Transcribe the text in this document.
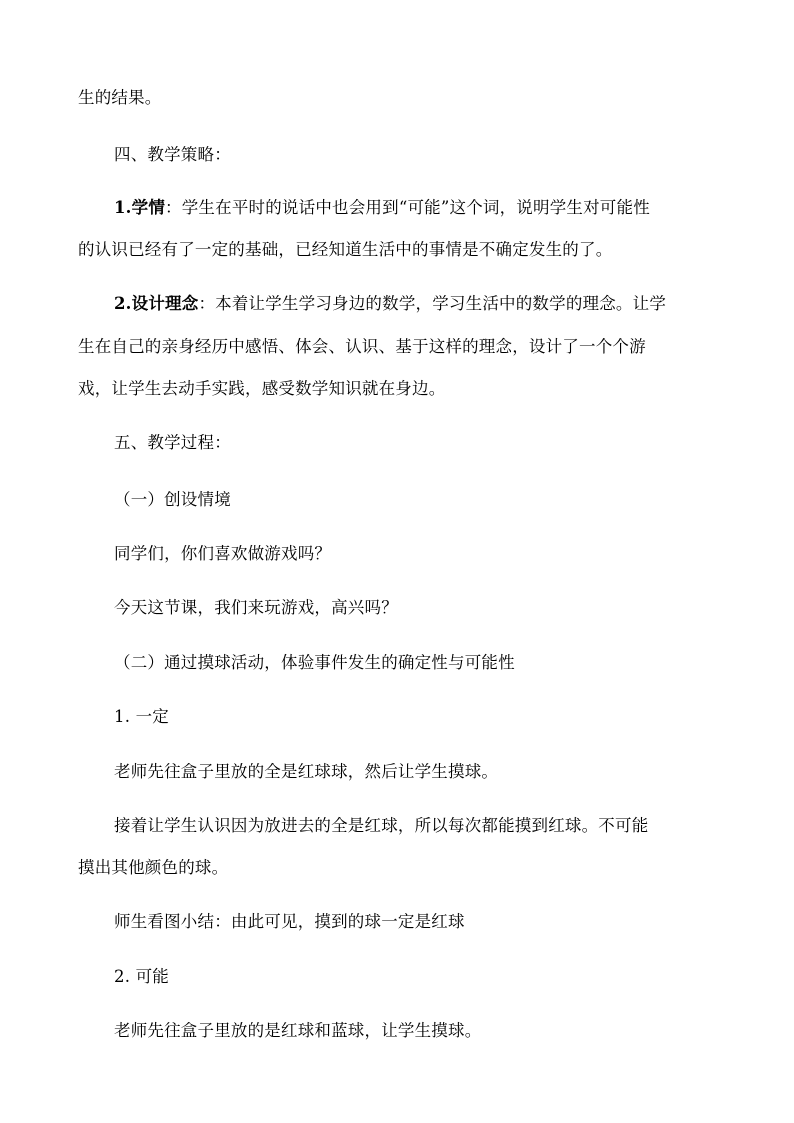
生的结果。
四、教学策略：
1.学情：学生在平时的说话中也会用到“可能”这个词，说明学生对可能性
的认识已经有了一定的基础，已经知道生活中的事情是不确定发生的了。
2.设计理念：本着让学生学习身边的数学，学习生活中的数学的理念。让学
生在自己的亲身经历中感悟、体会、认识、基于这样的理念，设计了一个个游
戏，让学生去动手实践，感受数学知识就在身边。
五、教学过程：
（一）创设情境
同学们，你们喜欢做游戏吗？
今天这节课，我们来玩游戏，高兴吗？
（二）通过摸球活动，体验事件发生的确定性与可能性
1. 一定
老师先往盒子里放的全是红球球，然后让学生摸球。
接着让学生认识因为放进去的全是红球，所以每次都能摸到红球。不可能
摸出其他颜色的球。
师生看图小结：由此可见，摸到的球一定是红球
2. 可能
老师先往盒子里放的是红球和蓝球，让学生摸球。
